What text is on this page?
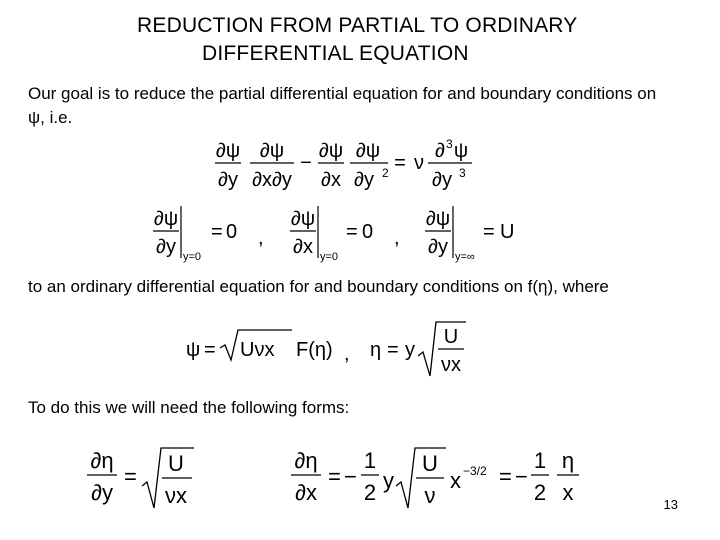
REDUCTION FROM PARTIAL TO ORDINARY
DIFFERENTIAL EQUATION
Our goal is to reduce the partial differential equation for and boundary conditions on ψ, i.e.
∂ψ
∂y
∂ψ
∂x∂y
−
∂ψ
∂x
∂ψ
∂y 2 = ν
∂ 3 ψ
∂y 3
∂ψ
∂y y=0
= 0 ,
∂ψ
∂x y=0
= 0 ,
∂ψ
∂y y=∞
= U
to an ordinary differential equation for and boundary conditions on f(η), where
ψ = Uνx F(η) , η = y
U
νx
To do this we will need the following forms:
∂η
∂y
=
U
νx
∂η
∂x
= −
1
2 y
U
ν
x −3/2 = −
1
2
η
x	13
